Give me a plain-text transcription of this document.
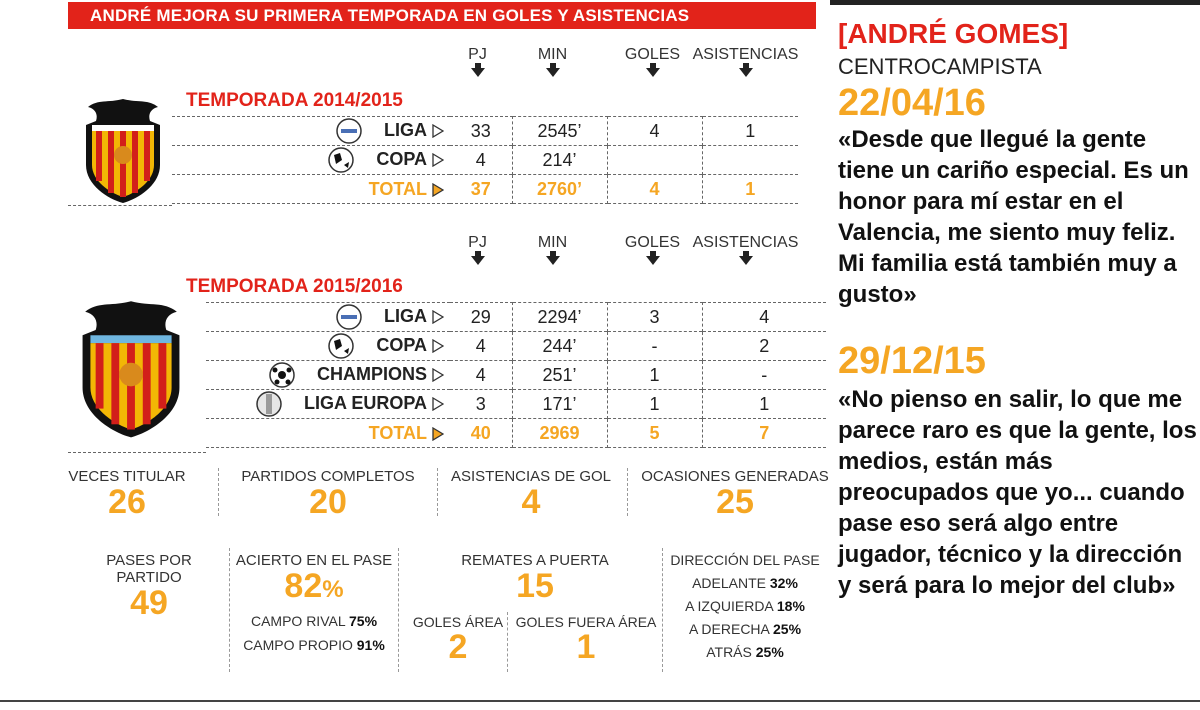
ANDRÉ MEJORA SU PRIMERA TEMPORADA EN GOLES Y ASISTENCIAS
PJ	MIN	GOLES ASISTENCIAS
TEMPORADA 2014/2015
LIGA	33	2545’	4	1
COPA	4	214’		
TOTAL	37	2760’	4	1
PJ	MIN	GOLES ASISTENCIAS
TEMPORADA 2015/2016
LIGA	29	2294’	3	4
COPA	4	244’	-	2
CHAMPIONS	4	251’	1	-
LIGA EUROPA	3	171’	1	1
TOTAL	40	2969	5	7
VECES TITULAR
26
PARTIDOS COMPLETOS
20
ASISTENCIAS DE GOL
4
OCASIONES GENERADAS
25
PASES POR PARTIDO
49
ACIERTO EN EL PASE
82%
CAMPO RIVAL 75%
CAMPO PROPIO 91%
REMATES A PUERTA
15
GOLES ÁREA
2
GOLES FUERA ÁREA
1
DIRECCIÓN DEL PASE
ADELANTE 32%
A IZQUIERDA 18%
A DERECHA 25%
ATRÁS 25%
[ANDRÉ GOMES]
CENTROCAMPISTA
22/04/16
«Desde que llegué la gente tiene un cariño especial. Es un honor para mí estar en el Valencia, me siento muy feliz. Mi familia está también muy a gusto»
29/12/15
«No pienso en salir, lo que me parece raro es que la gente, los medios, están más preocupados que yo... cuando pase eso será algo entre jugador, técnico y la dirección y será para lo mejor del club»
